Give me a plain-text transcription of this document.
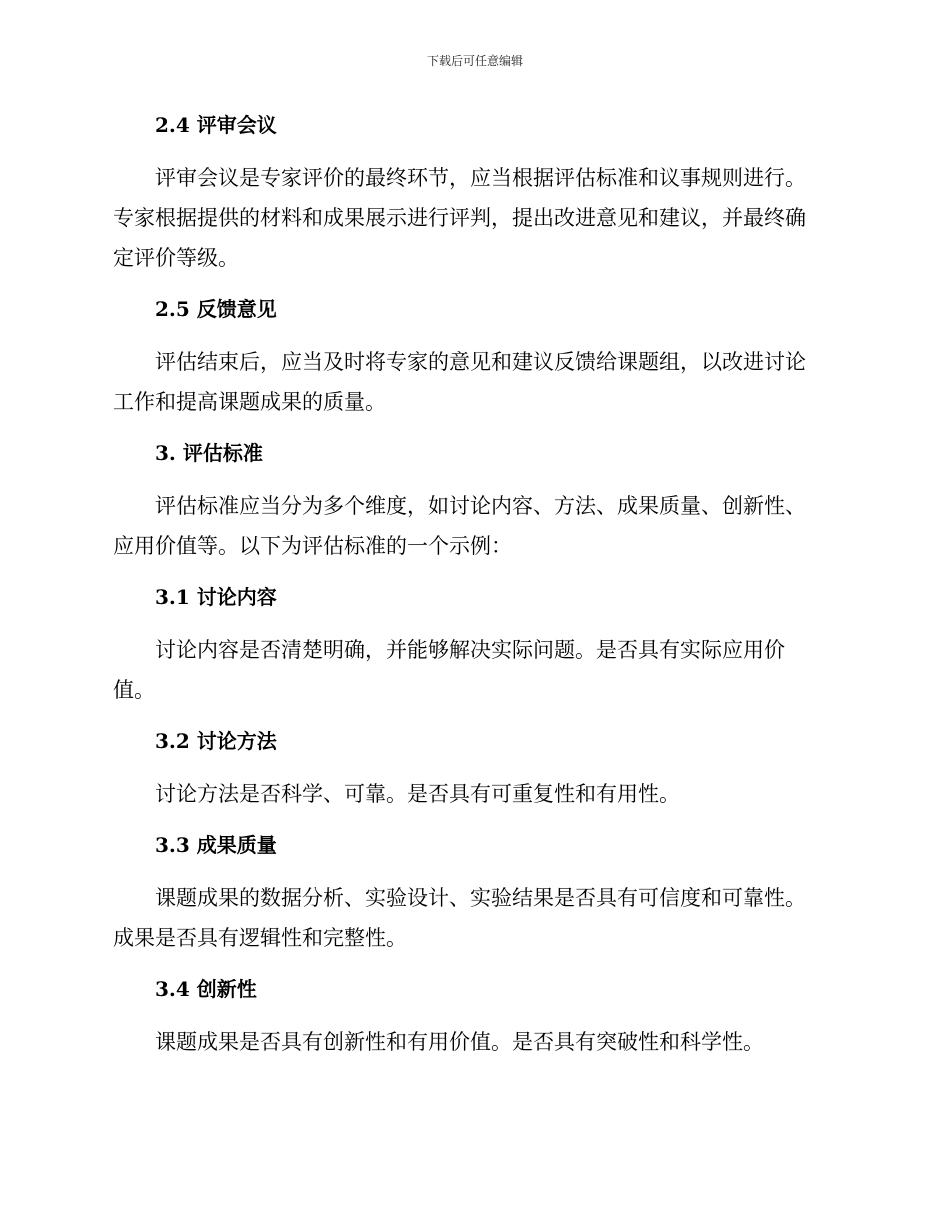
下载后可任意编辑
2.4 评审会议
评审会议是专家评价的最终环节，应当根据评估标准和议事规则进行。
专家根据提供的材料和成果展示进行评判，提出改进意见和建议，并最终确
定评价等级。
2.5 反馈意见
评估结束后，应当及时将专家的意见和建议反馈给课题组，以改进讨论
工作和提高课题成果的质量。
3. 评估标准
评估标准应当分为多个维度，如讨论内容、方法、成果质量、创新性、
应用价值等。以下为评估标准的一个示例：
3.1 讨论内容
讨论内容是否清楚明确，并能够解决实际问题。是否具有实际应用价
值。
3.2 讨论方法
讨论方法是否科学、可靠。是否具有可重复性和有用性。
3.3 成果质量
课题成果的数据分析、实验设计、实验结果是否具有可信度和可靠性。
成果是否具有逻辑性和完整性。
3.4 创新性
课题成果是否具有创新性和有用价值。是否具有突破性和科学性。
